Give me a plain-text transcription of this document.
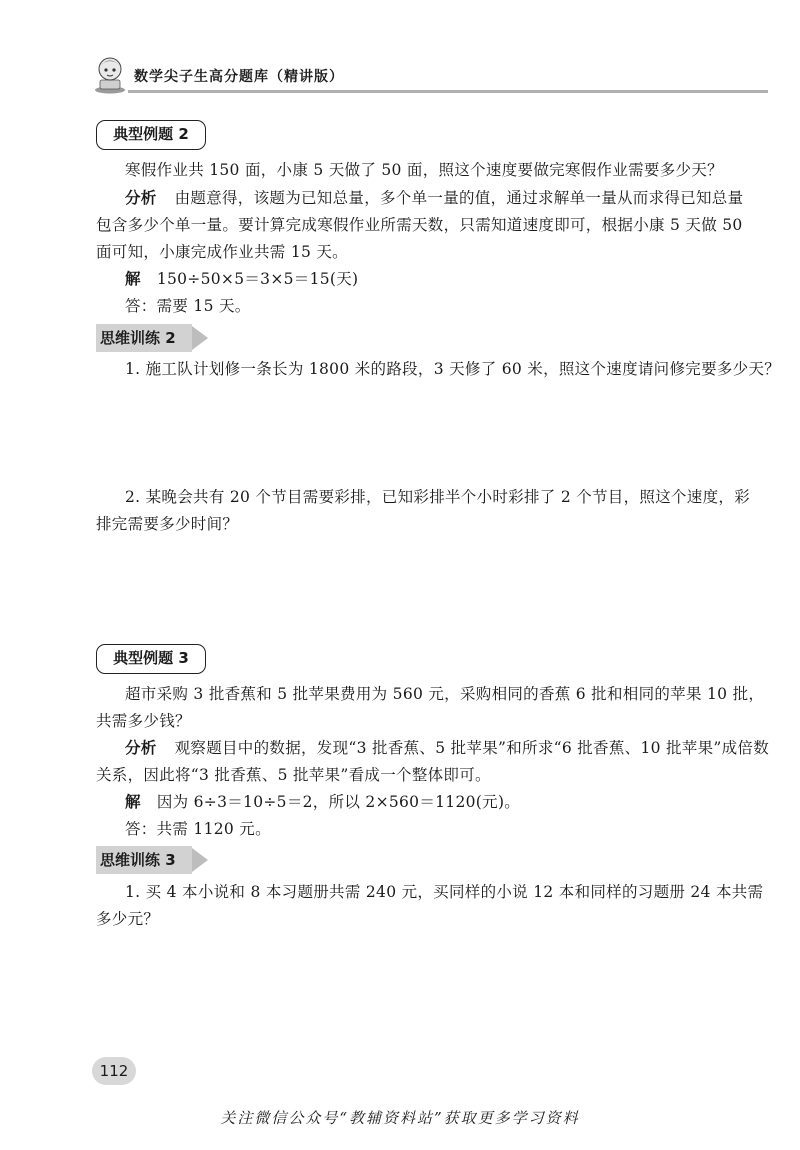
数学尖子生高分题库（精讲版）
典型例题 2
寒假作业共 150 面，小康 5 天做了 50 面，照这个速度要做完寒假作业需要多少天？
分析 由题意得，该题为已知总量，多个单一量的值，通过求解单一量从而求得已知总量
包含多少个单一量。要计算完成寒假作业所需天数，只需知道速度即可，根据小康 5 天做 50
面可知，小康完成作业共需 15 天。
解 150÷50×5＝3×5＝15(天)
答：需要 15 天。
思维训练 2
1. 施工队计划修一条长为 1800 米的路段，3 天修了 60 米，照这个速度请问修完要多少天？
2. 某晚会共有 20 个节目需要彩排，已知彩排半个小时彩排了 2 个节目，照这个速度，彩
排完需要多少时间？
典型例题 3
超市采购 3 批香蕉和 5 批苹果费用为 560 元，采购相同的香蕉 6 批和相同的苹果 10 批，
共需多少钱？
分析 观察题目中的数据，发现“3 批香蕉、5 批苹果”和所求“6 批香蕉、10 批苹果”成倍数
关系，因此将“3 批香蕉、5 批苹果”看成一个整体即可。
解 因为 6÷3＝10÷5＝2，所以 2×560＝1120(元)。
答：共需 1120 元。
思维训练 3
1. 买 4 本小说和 8 本习题册共需 240 元，买同样的小说 12 本和同样的习题册 24 本共需
多少元？
112
关注微信公众号“教辅资料站”获取更多学习资料
